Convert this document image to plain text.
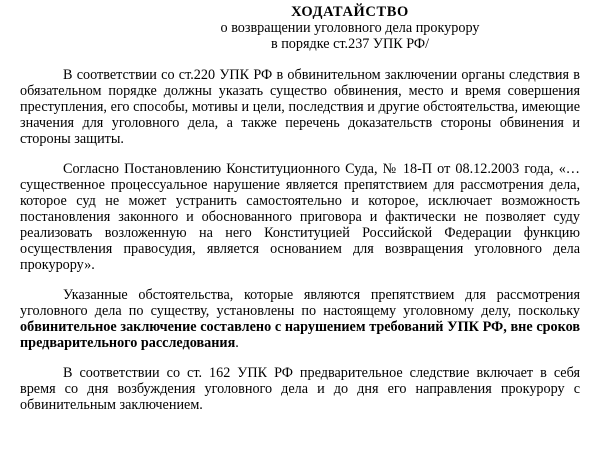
ХОДАТАЙСТВО
о возвращении уголовного дела прокурору
в порядке ст.237 УПК РФ/

В соответствии со ст.220 УПК РФ в обвинительном заключении органы следствия в обязательном порядке должны указать существо обвинения, место и время совершения преступления, его способы, мотивы и цели, последствия и другие обстоятельства, имеющие значения для уголовного дела, а также перечень доказательств стороны обвинения и стороны защиты.

Согласно Постановлению Конституционного Суда, № 18-П от 08.12.2003 года, «…существенное процессуальное нарушение является препятствием для рассмотрения дела, которое суд не может устранить самостоятельно и которое, исключает возможность постановления законного и обоснованного приговора и фактически не позволяет суду реализовать возложенную на него Конституцией Российской Федерации функцию осуществления правосудия, является основанием для возвращения уголовного дела прокурору».

Указанные обстоятельства, которые являются препятствием для рассмотрения уголовного дела по существу, установлены по настоящему уголовному делу, поскольку обвинительное заключение составлено с нарушением требований УПК РФ, вне сроков предварительного расследования.

В соответствии со ст. 162 УПК РФ предварительное следствие включает в себя время со дня возбуждения уголовного дела и до дня его направления прокурору с обвинительным заключением.
